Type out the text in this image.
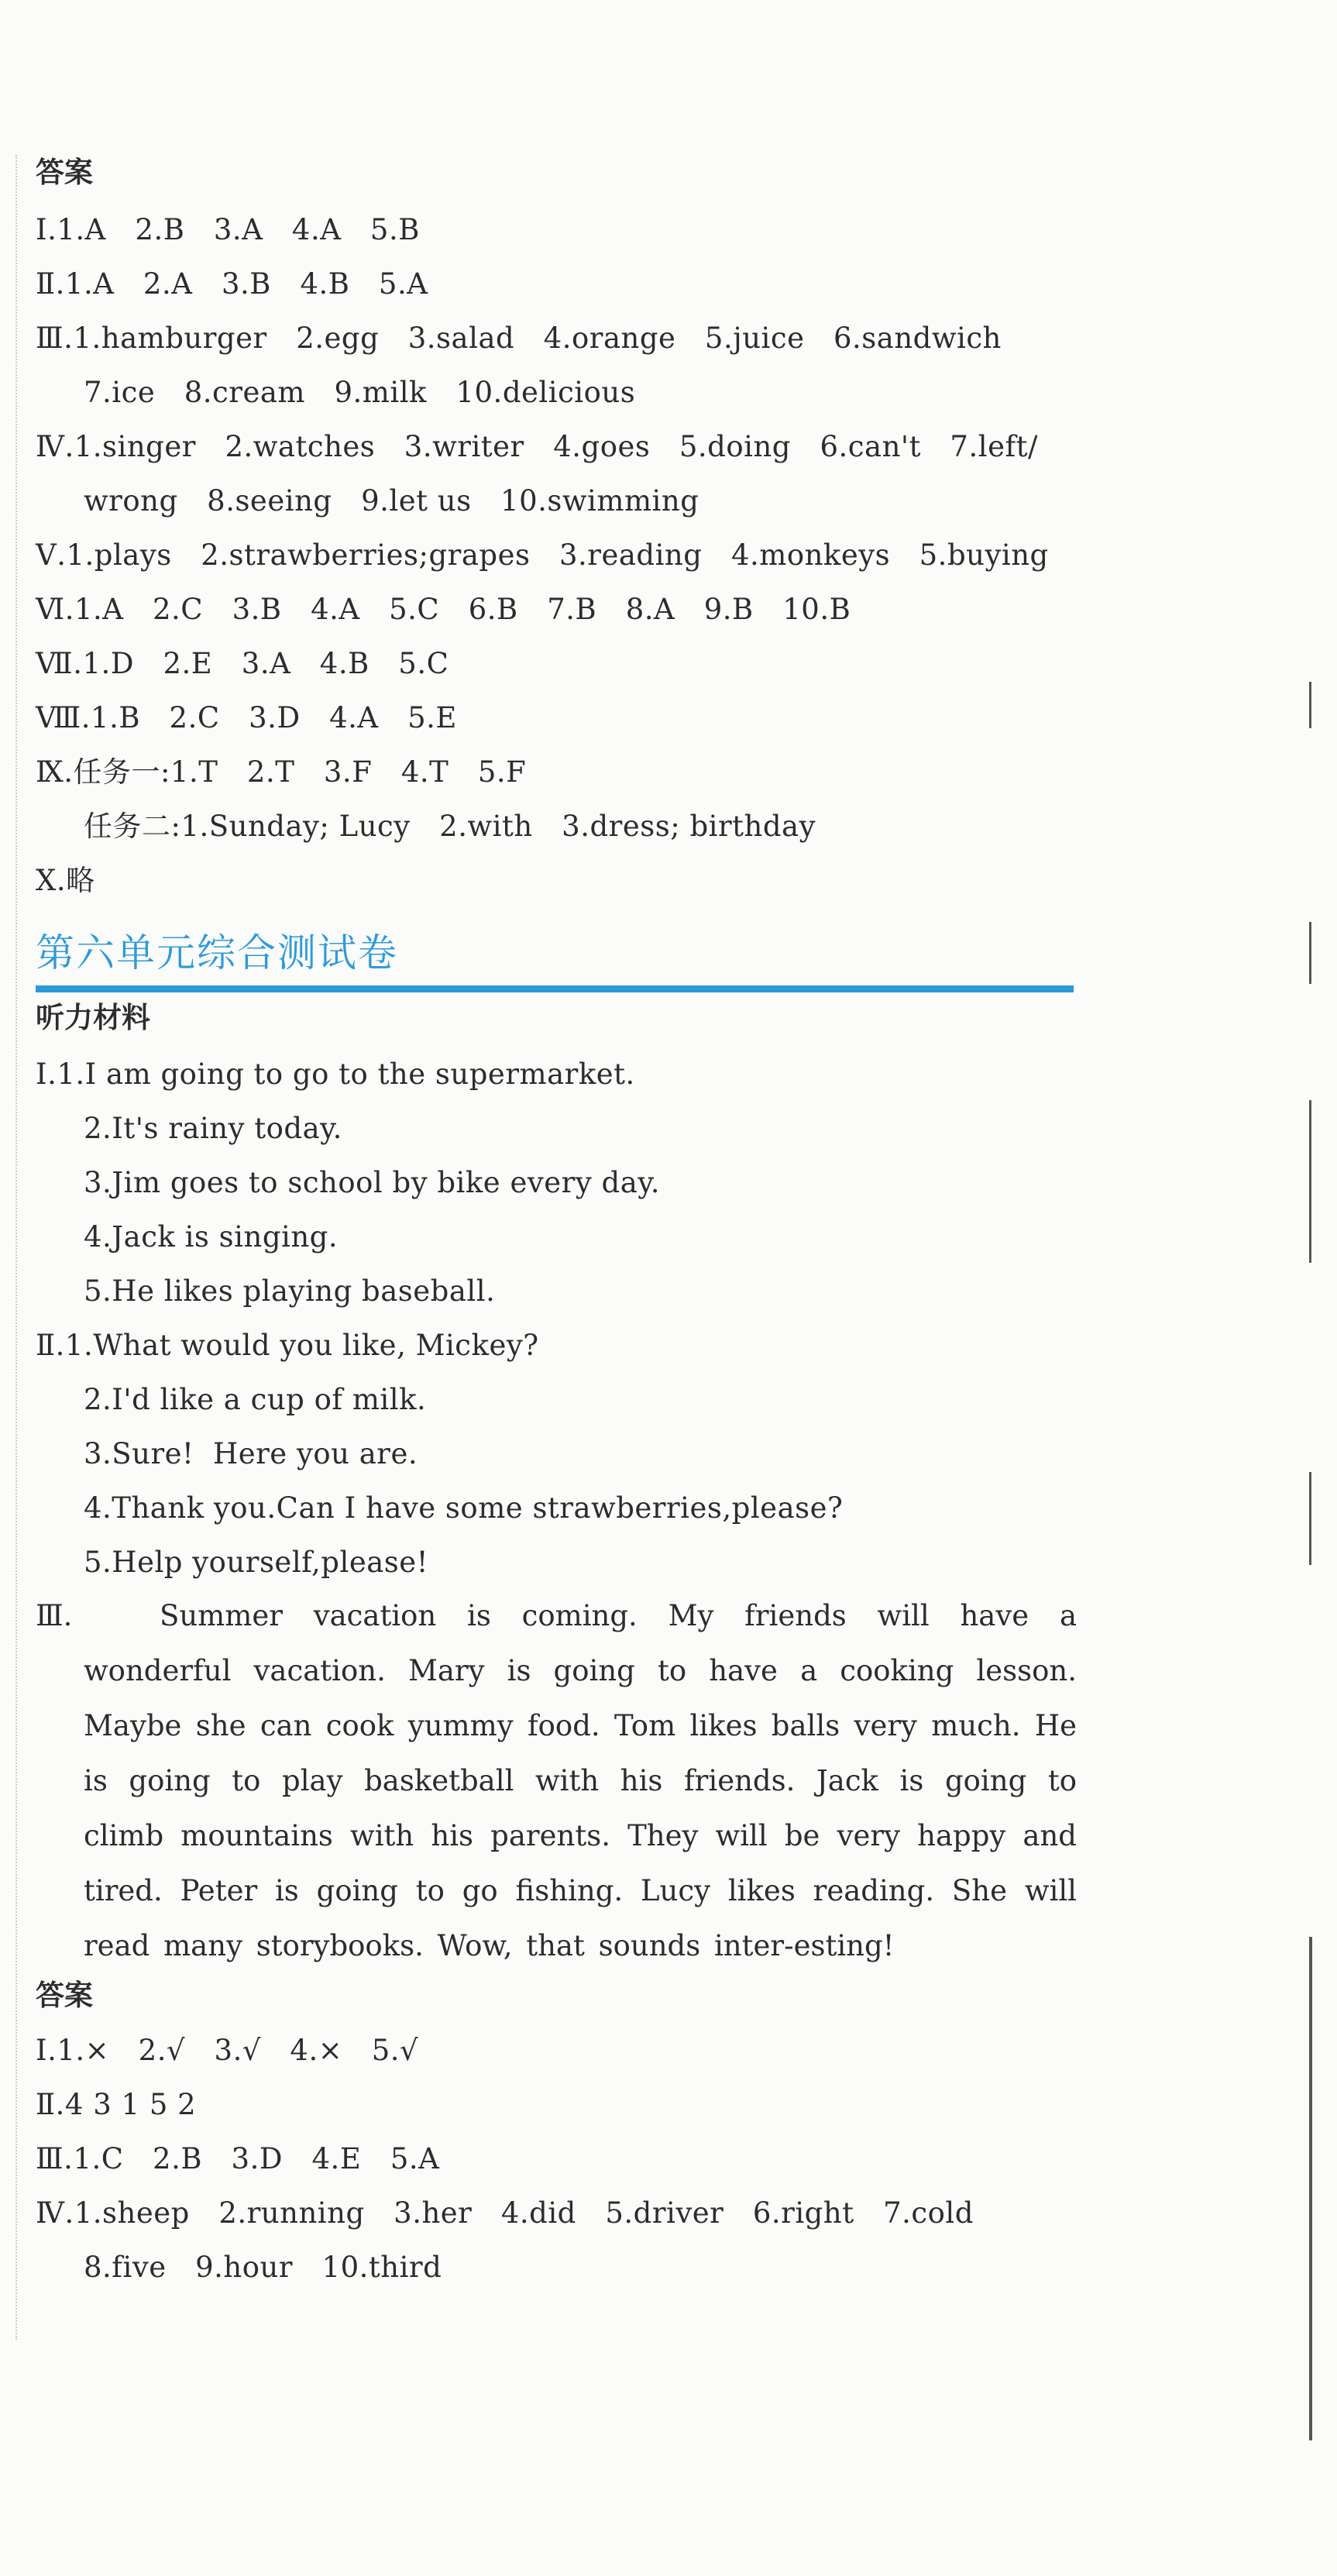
答案
Ⅰ.1.A　2.B　3.A　4.A　5.B
Ⅱ.1.A　2.A　3.B　4.B　5.A
Ⅲ.1.hamburger　2.egg　3.salad　4.orange　5.juice　6.sandwich
7.ice　8.cream　9.milk　10.delicious
Ⅳ.1.singer　2.watches　3.writer　4.goes　5.doing　6.can't　7.left/
wrong　8.seeing　9.let us　10.swimming
Ⅴ.1.plays　2.strawberries;grapes　3.reading　4.monkeys　5.buying
Ⅵ.1.A　2.C　3.B　4.A　5.C　6.B　7.B　8.A　9.B　10.B
Ⅶ.1.D　2.E　3.A　4.B　5.C
Ⅷ.1.B　2.C　3.D　4.A　5.E
Ⅸ.任务一:1.T　2.T　3.F　4.T　5.F
任务二:1.Sunday; Lucy　2.with　3.dress; birthday
Ⅹ.略
第六单元综合测试卷
听力材料
Ⅰ.1.I am going to go to the supermarket.
2.It's rainy today.
3.Jim goes to school by bike every day.
4.Jack is singing.
5.He likes playing baseball.
Ⅱ.1.What would you like, Mickey?
2.I'd like a cup of milk.
3.Sure!  Here you are.
4.Thank you.Can I have some strawberries,please?
5.Help yourself,please!
Ⅲ.	Summer vacation is coming. My friends will have a wonderful vacation. Mary is going to have a cooking lesson. Maybe she can cook yummy food. Tom likes balls very much. He is going to play basketball with his friends. Jack is going to climb mountains with his parents. They will be very happy and tired. Peter is going to go fishing. Lucy likes reading. She will read many storybooks. Wow, that sounds inter-esting!
答案
Ⅰ.1.×　2.√　3.√　4.×　5.√
Ⅱ.4 3 1 5 2
Ⅲ.1.C　2.B　3.D　4.E　5.A
Ⅳ.1.sheep　2.running　3.her　4.did　5.driver　6.right　7.cold
8.five　9.hour　10.third
